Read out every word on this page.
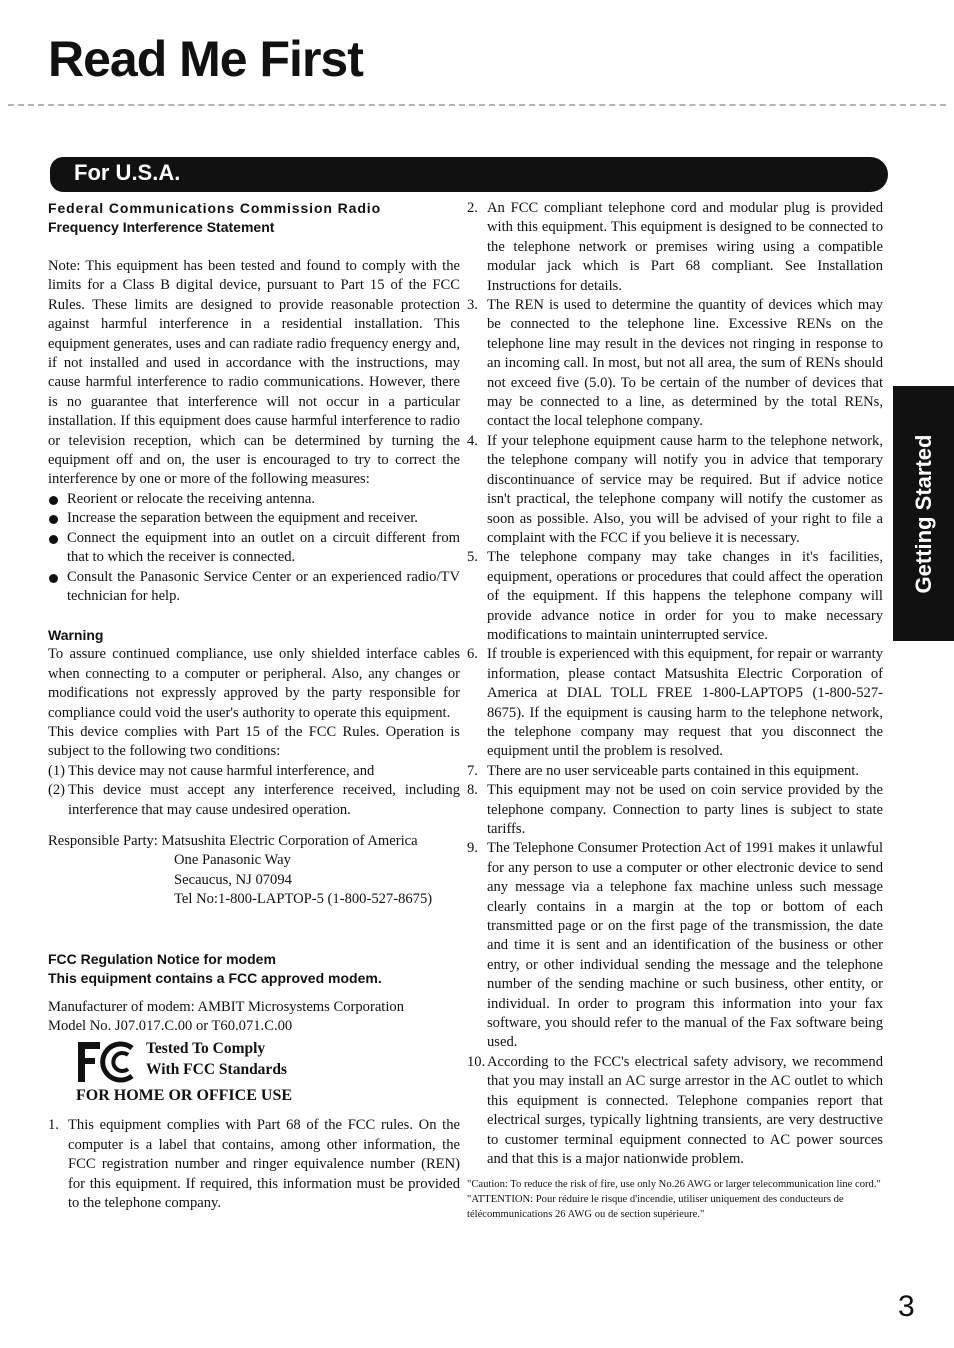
Read Me First
For U.S.A.
Getting Started
3

Federal Communications Commission Radio

Frequency Interference Statement

Note: This equipment has been tested and found to comply with the limits for a Class B digital device, pursuant to Part 15 of the FCC Rules. These limits are designed to provide reasonable protection against harmful interference in a residential installation. This equipment generates, uses and can radiate radio frequency energy and, if not installed and used in accordance with the instructions, may cause harmful interference to radio communications. However, there is no guarantee that interference will not occur in a particular installation. If this equipment does cause harmful interference to radio or television reception, which can be determined by turning the equipment off and on, the user is encouraged to try to correct the interference by one or more of the following measures:

Reorient or relocate the receiving antenna.
Increase the separation between the equipment and receiver.
Connect the equipment into an outlet on a circuit different from that to which the receiver is connected.
Consult the Panasonic Service Center or an experienced radio/TV technician for help.

Warning

To assure continued compliance, use only shielded interface cables when connecting to a computer or peripheral. Also, any changes or modifications not expressly approved by the party responsible for compliance could void the user's authority to operate this equipment.

This device complies with Part 15 of the FCC Rules. Operation is subject to the following two conditions:

(1) This device may not cause harmful interference, and
(2) This device must accept any interference received, including interference that may cause undesired operation.

Responsible Party: Matsushita Electric Corporation of America

One Panasonic Way

Secaucus, NJ 07094

Tel No:1-800-LAPTOP-5 (1-800-527-8675)

FCC Regulation Notice for modem

This equipment contains a FCC approved modem.

Manufacturer of modem: AMBIT Microsystems Corporation

Model No. J07.017.C.00 or T60.071.C.00

Tested To Comply
With FCC Standards

FOR HOME OR OFFICE USE

1. This equipment complies with Part 68 of the FCC rules. On the computer is a label that contains, among other information, the FCC registration number and ringer equivalence number (REN) for this equipment. If required, this information must be provided to the telephone company.
2. An FCC compliant telephone cord and modular plug is provided with this equipment. This equipment is designed to be connected to the telephone network or premises wiring using a compatible modular jack which is Part 68 compliant. See Installation Instructions for details.
3. The REN is used to determine the quantity of devices which may be connected to the telephone line. Excessive RENs on the telephone line may result in the devices not ringing in response to an incoming call. In most, but not all area, the sum of RENs should not exceed five (5.0). To be certain of the number of devices that may be connected to a line, as determined by the total RENs, contact the local telephone company.
4. If your telephone equipment cause harm to the telephone network, the telephone company will notify you in advice that temporary discontinuance of service may be required. But if advice notice isn't practical, the telephone company will notify the customer as soon as possible. Also, you will be advised of your right to file a complaint with the FCC if you believe it is necessary.
5. The telephone company may take changes in it's facilities, equipment, operations or procedures that could affect the operation of the equipment. If this happens the telephone company will provide advance notice in order for you to make necessary modifications to maintain uninterrupted service.
6. If trouble is experienced with this equipment, for repair or warranty information, please contact Matsushita Electric Corporation of America at DIAL TOLL FREE 1-800-LAPTOP5 (1-800-527-8675). If the equipment is causing harm to the telephone network, the telephone company may request that you disconnect the equipment until the problem is resolved.
7. There are no user serviceable parts contained in this equipment.
8. This equipment may not be used on coin service provided by the telephone company. Connection to party lines is subject to state tariffs.
9. The Telephone Consumer Protection Act of 1991 makes it unlawful for any person to use a computer or other electronic device to send any message via a telephone fax machine unless such message clearly contains in a margin at the top or bottom of each transmitted page or on the first page of the transmission, the date and time it is sent and an identification of the business or other entry, or other individual sending the message and the telephone number of the sending machine or such business, other entity, or individual. In order to program this information into your fax software, you should refer to the manual of the Fax software being used.
10. According to the FCC's electrical safety advisory, we recommend that you may install an AC surge arrestor in the AC outlet to which this equipment is connected. Telephone companies report that electrical surges, typically lightning transients, are very destructive to customer terminal equipment connected to AC power sources and that this is a major nationwide problem.

"Caution: To reduce the risk of fire, use only No.26 AWG or larger telecommunication line cord."

"ATTENTION: Pour réduire le risque d'incendie, utiliser uniquement des conducteurs de télécommunications 26 AWG ou de section supérieure."
